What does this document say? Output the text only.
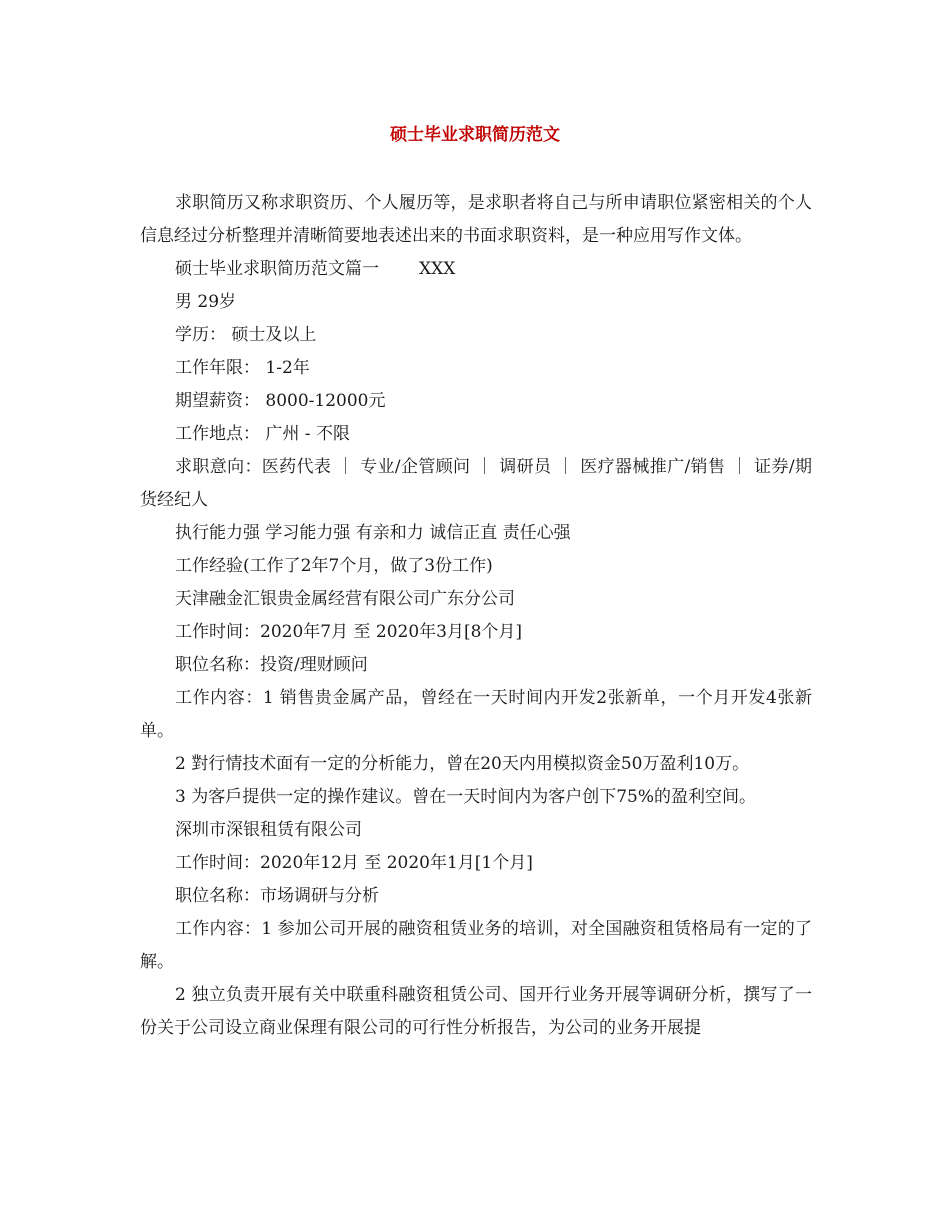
硕士毕业求职简历范文

求职简历又称求职资历、个人履历等，是求职者将自己与所申请职位紧密相关的个人信息经过分析整理并清晰简要地表述出来的书面求职资料，是一种应用写作文体。

硕士毕业求职简历范文篇一 XXX

男 29岁

学历： 硕士及以上

工作年限： 1-2年

期望薪资： 8000-12000元

工作地点： 广州 - 不限

求职意向：医药代表 ｜ 专业/企管顾问 ｜ 调研员 ｜ 医疗器械推广/销售 ｜ 证券/期货经纪人

执行能力强 学习能力强 有亲和力 诚信正直 责任心强

工作经验(工作了2年7个月，做了3份工作)

天津融金汇银贵金属经营有限公司广东分公司

工作时间：2020年7月 至 2020年3月[8个月]

职位名称：投资/理财顾问

工作内容：1 销售贵金属产品，曾经在一天时间内开发2张新单，一个月开发4张新单。

2 對行情技术面有一定的分析能力，曾在20天内用模拟资金50万盈利10万。

3 为客戶提供一定的操作建议。曾在一天时间内为客户创下75%的盈利空间。

深圳市深银租赁有限公司

工作时间：2020年12月 至 2020年1月[1个月]

职位名称：市场调研与分析

工作内容：1 参加公司开展的融资租赁业务的培训，对全国融资租赁格局有一定的了解。

2 独立负责开展有关中联重科融资租赁公司、国开行业务开展等调研分析，撰写了一份关于公司设立商业保理有限公司的可行性分析报告，为公司的业务开展提
